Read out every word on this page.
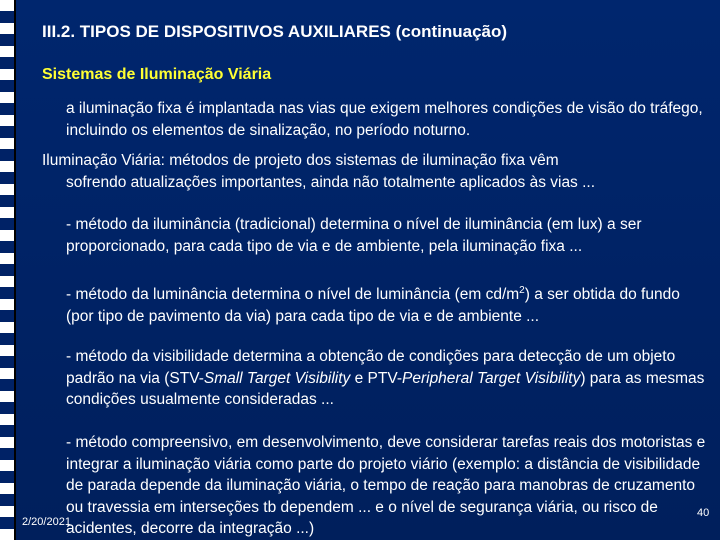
III.2. TIPOS DE DISPOSITIVOS AUXILIARES (continuação)
Sistemas de Iluminação Viária
a iluminação fixa é implantada nas vias que exigem melhores condições de visão do tráfego, incluindo os elementos de sinalização, no período noturno.
Iluminação Viária: métodos de projeto dos sistemas de iluminação fixa vêm
sofrendo atualizações importantes, ainda não totalmente aplicados às vias ...
- método da iluminância (tradicional) determina o nível de iluminância (em lux) a ser proporcionado, para cada tipo de via e de ambiente, pela iluminação fixa ...
- método da luminância determina o nível de luminância (em $cd/m^2$) a ser obtida do fundo (por tipo de pavimento da via) para cada tipo de via e de ambiente ...
- método da visibilidade determina a obtenção de condições para detecção de um objeto padrão na via (STV-Small Target Visibility e PTV-Peripheral Target Visibility) para as mesmas condições usualmente consideradas ...
- método compreensivo, em desenvolvimento, deve considerar tarefas reais dos motoristas e integrar a iluminação viária como parte do projeto viário (exemplo: a distância de visibilidade de parada depende da iluminação viária, o tempo de reação para manobras de cruzamento ou travessia em interseções tb dependem ... e o nível de segurança viária, ou risco de acidentes, decorre da integração ...)
2/20/2021
40
